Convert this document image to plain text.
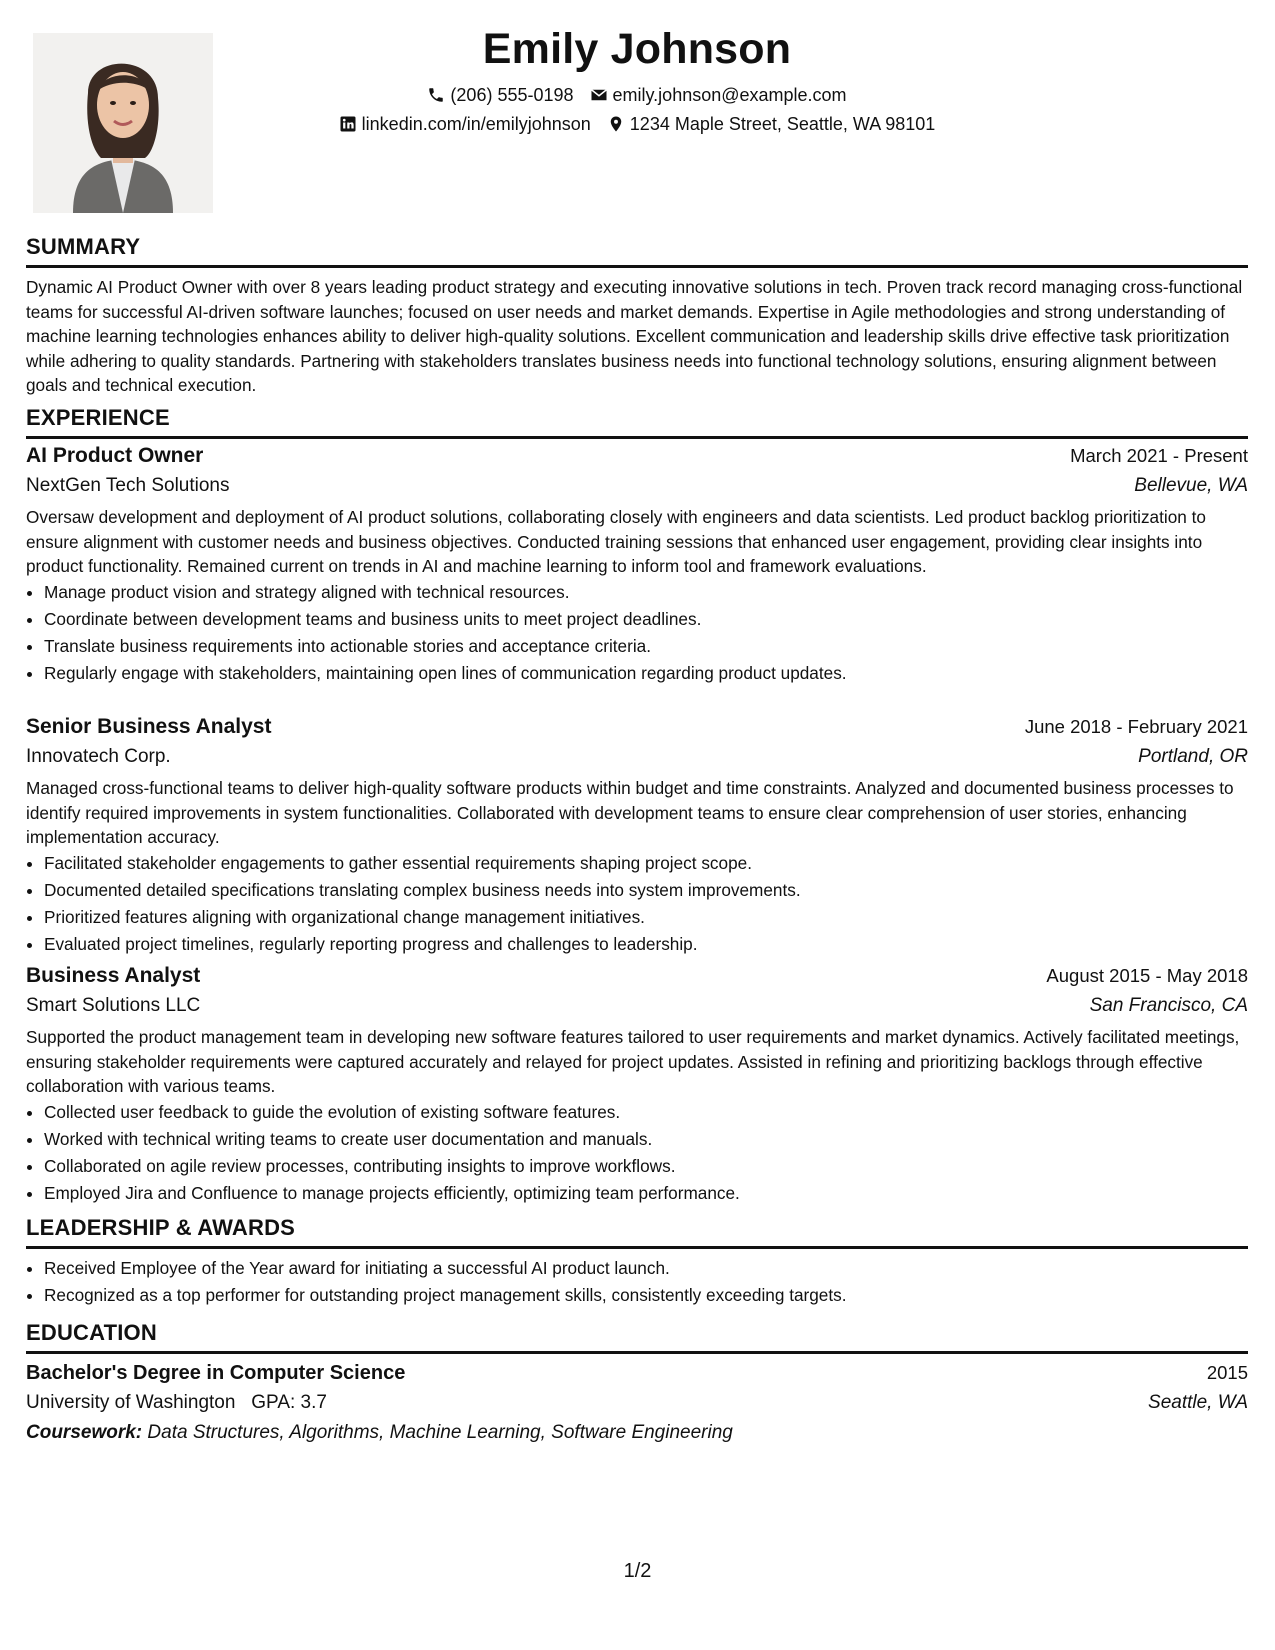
Emily Johnson
(206) 555-0198 emily.johnson@example.com
linkedin.com/in/emilyjohnson 1234 Maple Street, Seattle, WA 98101
SUMMARY

Dynamic AI Product Owner with over 8 years leading product strategy and executing innovative solutions in tech. Proven track record managing cross-functional teams for successful AI-driven software launches; focused on user needs and market demands. Expertise in Agile methodologies and strong understanding of machine learning technologies enhances ability to deliver high-quality solutions. Excellent communication and leadership skills drive effective task prioritization while adhering to quality standards. Partnering with stakeholders translates business needs into functional technology solutions, ensuring alignment between goals and technical execution.

EXPERIENCE
AI Product Owner	March 2021 - Present
NextGen Tech Solutions	Bellevue, WA

Oversaw development and deployment of AI product solutions, collaborating closely with engineers and data scientists. Led product backlog prioritization to ensure alignment with customer needs and business objectives. Conducted training sessions that enhanced user engagement, providing clear insights into product functionality. Remained current on trends in AI and machine learning to inform tool and framework evaluations.

• Manage product vision and strategy aligned with technical resources.
• Coordinate between development teams and business units to meet project deadlines.
• Translate business requirements into actionable stories and acceptance criteria.
• Regularly engage with stakeholders, maintaining open lines of communication regarding product updates.
Senior Business Analyst	June 2018 - February 2021
Innovatech Corp.	Portland, OR

Managed cross-functional teams to deliver high-quality software products within budget and time constraints. Analyzed and documented business processes to identify required improvements in system functionalities. Collaborated with development teams to ensure clear comprehension of user stories, enhancing implementation accuracy.

• Facilitated stakeholder engagements to gather essential requirements shaping project scope.
• Documented detailed specifications translating complex business needs into system improvements.
• Prioritized features aligning with organizational change management initiatives.
• Evaluated project timelines, regularly reporting progress and challenges to leadership.
Business Analyst	August 2015 - May 2018
Smart Solutions LLC	San Francisco, CA

Supported the product management team in developing new software features tailored to user requirements and market dynamics. Actively facilitated meetings, ensuring stakeholder requirements were captured accurately and relayed for project updates. Assisted in refining and prioritizing backlogs through effective collaboration with various teams.

• Collected user feedback to guide the evolution of existing software features.
• Worked with technical writing teams to create user documentation and manuals.
• Collaborated on agile review processes, contributing insights to improve workflows.
• Employed Jira and Confluence to manage projects efficiently, optimizing team performance.
LEADERSHIP & AWARDS
• Received Employee of the Year award for initiating a successful AI product launch.
• Recognized as a top performer for outstanding project management skills, consistently exceeding targets.
EDUCATION
Bachelor's Degree in Computer Science	2015
University of Washington GPA: 3.7	Seattle, WA
Coursework: Data Structures, Algorithms, Machine Learning, Software Engineering
1/2
